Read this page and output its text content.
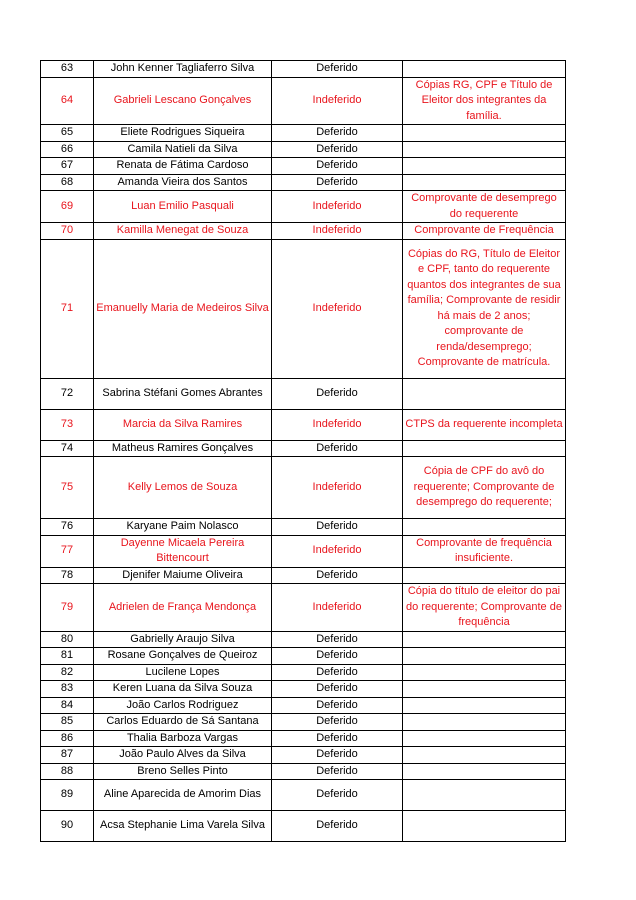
63	John Kenner Tagliaferro Silva	Deferido	
64	Gabrieli Lescano Gonçalves	Indeferido	Cópias RG, CPF e Título de Eleitor dos integrantes da família.
65	Eliete Rodrigues Siqueira	Deferido	
66	Camila Natieli da Silva	Deferido	
67	Renata de Fátima Cardoso	Deferido	
68	Amanda Vieira dos Santos	Deferido	
69	Luan Emilio Pasquali	Indeferido	Comprovante de desemprego do requerente
70	Kamilla Menegat de Souza	Indeferido	Comprovante de Frequência
71	Emanuelly Maria de Medeiros Silva	Indeferido	Cópias do RG, Título de Eleitor e CPF, tanto do requerente quantos dos integrantes de sua família; Comprovante de residir há mais de 2 anos; comprovante de renda/desemprego; Comprovante de matrícula.
72	Sabrina Stéfani Gomes Abrantes	Deferido	
73	Marcia da Silva Ramires	Indeferido	CTPS da requerente incompleta
74	Matheus Ramires Gonçalves	Deferido	
75	Kelly Lemos de Souza	Indeferido	Cópia de CPF do avô do requerente; Comprovante de desemprego do requerente;
76	Karyane Paim Nolasco	Deferido	
77	Dayenne Micaela Pereira Bittencourt	Indeferido	Comprovante de frequência insuficiente.
78	Djenifer Maiume Oliveira	Deferido	
79	Adrielen de França Mendonça	Indeferido	Cópia do título de eleitor do pai do requerente; Comprovante de frequência
80	Gabrielly Araujo Silva	Deferido	
81	Rosane Gonçalves de Queiroz	Deferido	
82	Lucilene Lopes	Deferido	
83	Keren Luana da Silva Souza	Deferido	
84	João Carlos Rodriguez	Deferido	
85	Carlos Eduardo de Sá Santana	Deferido	
86	Thalia Barboza Vargas	Deferido	
87	João Paulo Alves da Silva	Deferido	
88	Breno Selles Pinto	Deferido	
89	Aline Aparecida de Amorim Dias	Deferido	
90	Acsa Stephanie Lima Varela Silva	Deferido	
